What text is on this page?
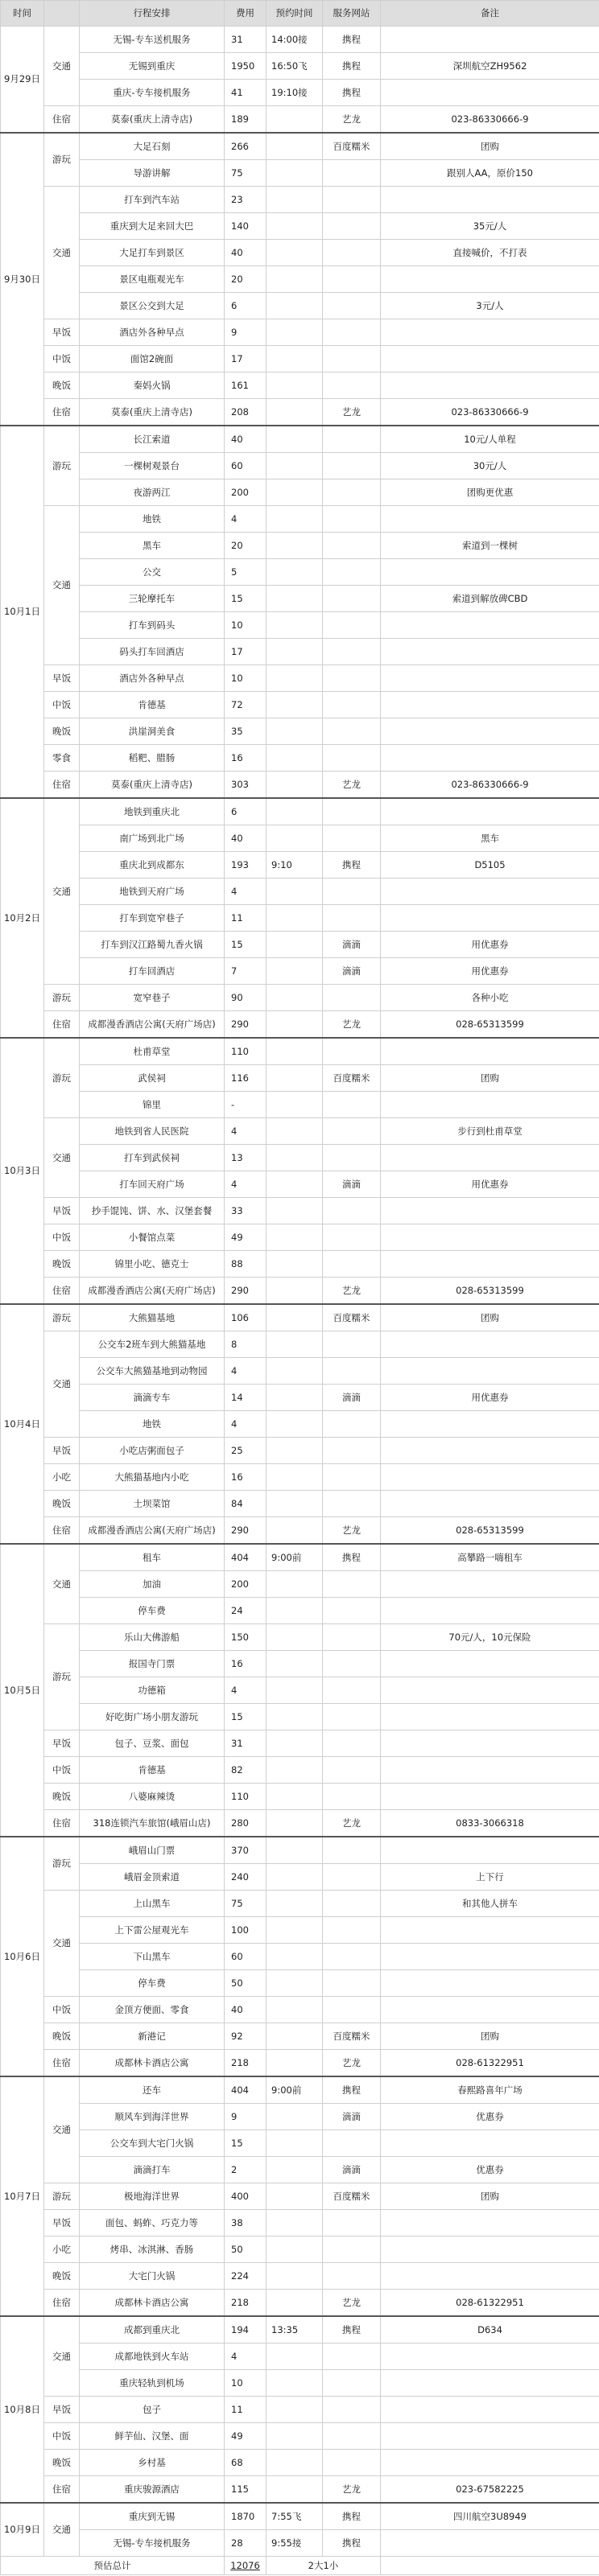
时间		行程安排	费用	预约时间	服务网站	备注
9月29日	交通	无锡-专车送机服务	31	14:00接	携程	
		无锡到重庆	1950	16:50飞	携程	深圳航空ZH9562
		重庆-专车接机服务	41	19:10接	携程	
	住宿	莫泰(重庆上清寺店)	189		艺龙	023-86330666-9
9月30日	游玩	大足石刻	266		百度糯米	团购
		导游讲解	75			跟别人AA，原价150
	交通	打车到汽车站	23			
		重庆到大足来回大巴	140			35元/人
		大足打车到景区	40			直接喊价，不打表
		景区电瓶观光车	20			
		景区公交到大足	6			3元/人
	早饭	酒店外各种早点	9			
	中饭	面馆2碗面	17			
	晚饭	秦妈火锅	161			
	住宿	莫泰(重庆上清寺店)	208		艺龙	023-86330666-9
10月1日	游玩	长江索道	40			10元/人单程
		一棵树观景台	60			30元/人
		夜游两江	200			团购更优惠
	交通	地铁	4			
		黑车	20			索道到一棵树
		公交	5			
		三轮摩托车	15			索道到解放碑CBD
		打车到码头	10			
		码头打车回酒店	17			
	早饭	酒店外各种早点	10			
	中饭	肯德基	72			
	晚饭	洪崖洞美食	35			
	零食	稻粑、腊肠	16			
	住宿	莫泰(重庆上清寺店)	303		艺龙	023-86330666-9
10月2日	交通	地铁到重庆北	6			
		南广场到北广场	40			黑车
		重庆北到成都东	193	9:10	携程	D5105
		地铁到天府广场	4			
		打车到宽窄巷子	11			
		打车到汉江路蜀九香火锅	15		滴滴	用优惠券
		打车回酒店	7		滴滴	用优惠券
	游玩	宽窄巷子	90			各种小吃
	住宿	成都漫香酒店公寓(天府广场店)	290		艺龙	028-65313599
10月3日	游玩	杜甫草堂	110			
		武侯祠	116		百度糯米	团购
		锦里	-			
	交通	地铁到省人民医院	4			步行到杜甫草堂
		打车到武侯祠	13			
		打车回天府广场	4		滴滴	用优惠券
	早饭	抄手馄饨、饼、水、汉堡套餐	33			
	中饭	小餐馆点菜	49			
	晚饭	锦里小吃、德克士	88			
	住宿	成都漫香酒店公寓(天府广场店)	290		艺龙	028-65313599
10月4日	游玩	大熊猫基地	106		百度糯米	团购
	交通	公交车2班车到大熊猫基地	8			
		公交车大熊猫基地到动物园	4			
		滴滴专车	14		滴滴	用优惠券
		地铁	4			
	早饭	小吃店粥面包子	25			
	小吃	大熊猫基地内小吃	16			
	晚饭	土坝菜馆	84			
	住宿	成都漫香酒店公寓(天府广场店)	290		艺龙	028-65313599
10月5日	交通	租车	404	9:00前	携程	高攀路一嗨租车
		加油	200			
		停车费	24			
	游玩	乐山大佛游船	150			70元/人，10元保险
		报国寺门票	16			
		功德箱	4			
		好吃街广场小朋友游玩	15			
	早饭	包子、豆浆、面包	31			
	中饭	肯德基	82			
	晚饭	八婆麻辣烫	110			
	住宿	318连锁汽车旅馆(峨眉山店)	280		艺龙	0833-3066318
10月6日	游玩	峨眉山门票	370			
		峨眉金顶索道	240			上下行
	交通	上山黑车	75			和其他人拼车
		上下雷公屋观光车	100			
		下山黑车	60			
		停车费	50			
	中饭	金顶方便面、零食	40			
	晚饭	新港记	92		百度糯米	团购
	住宿	成都林卡酒店公寓	218		艺龙	028-61322951
10月7日	交通	还车	404	9:00前	携程	春熙路喜年广场
		顺风车到海洋世界	9		滴滴	优惠券
		公交车到大宅门火锅	15			
		滴滴打车	2		滴滴	优惠券
	游玩	极地海洋世界	400		百度糯米	团购
	早饭	面包、蚂蚱、巧克力等	38			
	小吃	烤串、冰淇淋、香肠	50			
	晚饭	大宅门火锅	224			
	住宿	成都林卡酒店公寓	218		艺龙	028-61322951
10月8日	交通	成都到重庆北	194	13:35	携程	D634
		成都地铁到火车站	4			
		重庆轻轨到机场	10			
	早饭	包子	11			
	中饭	鲜芋仙、汉堡、面	49			
	晚饭	乡村基	68			
	住宿	重庆骏源酒店	115		艺龙	023-67582225
10月9日	交通	重庆到无锡	1870	7:55飞	携程	四川航空3U8949
		无锡-专车接机服务	28	9:55接	携程	
预估总计			12076	2大1小		
